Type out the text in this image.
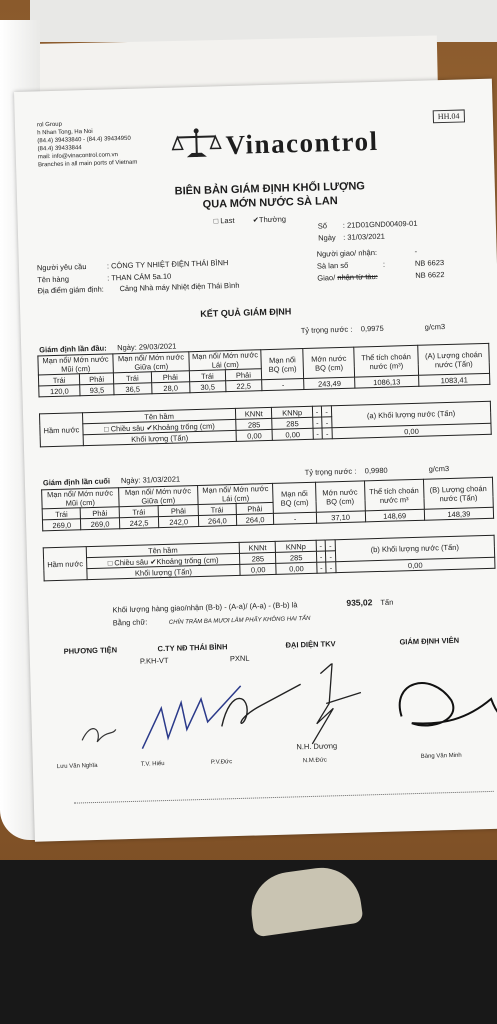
rol Group
h Nhan Tong, Ha Noi
(84.4) 39433840 - (84.4) 39434950
(84.4) 39433844
mail: info@vinacontrol.com.vn
Branches in all main ports of Vietnam
HH.04
Vinacontrol
BIÊN BẢN GIÁM ĐỊNH KHỐI LƯỢNG
QUA MỚN NƯỚC SÀ LAN
□ Last ✔Thường
Số : 21D01GND00409-01
Ngày : 31/03/2021
Người yêu cầu	: CÔNG TY NHIỆT ĐIỆN THÁI BÌNH
Tên hàng	: THAN CÁM 5a.10
Địa điểm giám định: Cảng Nhà máy Nhiệt điện Thái Bình
Người giao/ nhận:	-
Sà lan số	:	NB 6623
Giao/ nhận từ tàu:	NB 6622
KẾT QUẢ GIÁM ĐỊNH
Tỷ trọng nước : 0,9975	g/cm3
Giám định lần đầu: Ngày: 29/03/2021
Mạn nổi/ Mớn nước Mũi (cm)		Mạn nổi/ Mớn nước Giữa (cm)		Mạn nổi/ Mớn nước Lái (cm)		Mạn nổi BQ (cm)	Mớn nước BQ (cm)	Thể tích choán nước (m³)	(A) Lượng choán nước (Tấn)
Trái	Phải	Trái	Phải	Trái	Phải				
120,0	93,5	36,5	28,0	30,5	22,5	-	243,49	1086,13	1083,41
Hầm nước	Tên hầm	KNNt	KNNp	-	-	(a) Khối lượng nước (Tấn)
	□ Chiều sâu ✔Khoảng trống (cm)	285	285	-	-	
	Khối lượng (Tấn)	0,00	0,00	-	-	0,00
Tỷ trọng nước : 0,9980	g/cm3
Giám định lần cuối Ngày: 31/03/2021
Mạn nổi/ Mớn nước Mũi (cm)		Mạn nổi/ Mớn nước Giữa (cm)		Mạn nổi/ Mớn nước Lái (cm)		Mạn nổi BQ (cm)	Mớn nước BQ (cm)	Thể tích choán nước m³	(B) Lượng choán nước (Tấn)
Trái	Phải	Trái	Phải	Trái	Phải				
269,0	269,0	242,5	242,0	264,0	264,0	-	37,10	148,69	148,39
Hầm nước	Tên hầm	KNNt	KNNp	-	-	(b) Khối lượng nước (Tấn)
	□ Chiều sâu ✔Khoảng trống (cm)	285	285	-	-	
	Khối lượng (Tấn)	0,00	0,00	-	-	0,00
Khối lượng hàng giao/nhận (B-b) - (A-a)/ (A-a) - (B-b) là	935,02 Tấn
Bằng chữ:	CHÍN TRĂM BA MƯƠI LĂM PHẨY KHÔNG HAI TẤN
PHƯƠNG TIỆN	C.TY NĐ THÁI BÌNH	ĐẠI DIỆN TKV	GIÁM ĐỊNH VIÊN
P.KH-VT	PXNL
N.H. Dương
Lưu Văn Nghĩa	T.V. Hiếu	P.V.Đức	N.M.Đức
Bàng Văn Minh
